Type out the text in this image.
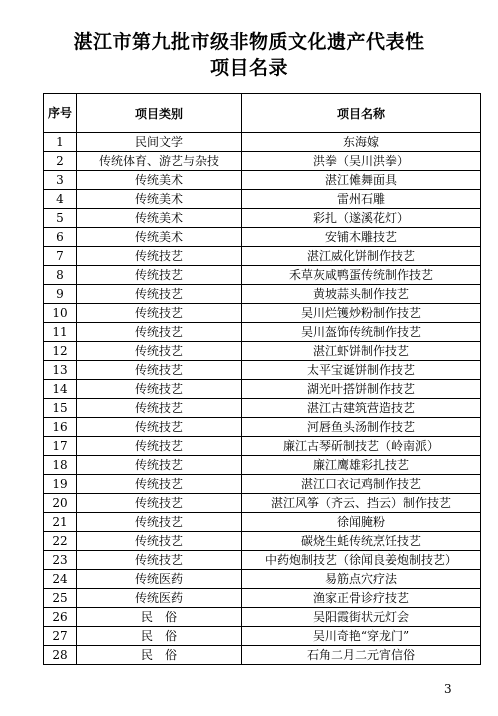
湛江市第九批市级非物质文化遗产代表性
项目名录
序号	项目类别	项目名称
1	民间文学	东海嫁
2	传统体育、游艺与杂技	洪拳（吴川洪拳）
3	传统美术	湛江傩舞面具
4	传统美术	雷州石雕
5	传统美术	彩扎（遂溪花灯）
6	传统美术	安铺木雕技艺
7	传统技艺	湛江威化饼制作技艺
8	传统技艺	禾草灰咸鸭蛋传统制作技艺
9	传统技艺	黄坡蒜头制作技艺
10	传统技艺	吴川烂镬炒粉制作技艺
11	传统技艺	吴川盔饰传统制作技艺
12	传统技艺	湛江虾饼制作技艺
13	传统技艺	太平宝诞饼制作技艺
14	传统技艺	湖光叶搭饼制作技艺
15	传统技艺	湛江古建筑营造技艺
16	传统技艺	河唇鱼头汤制作技艺
17	传统技艺	廉江古琴斫制技艺（岭南派）
18	传统技艺	廉江鹰雄彩扎技艺
19	传统技艺	湛江口衣记鸡制作技艺
20	传统技艺	湛江风筝（齐云、挡云）制作技艺
21	传统技艺	徐闻腌粉
22	传统技艺	碳烧生蚝传统烹饪技艺
23	传统技艺	中药炮制技艺（徐闻良姜炮制技艺）
24	传统医药	易筋点穴疗法
25	传统医药	渔家正骨诊疗技艺
26	民　俗	吴阳霞街状元灯会
27	民　俗	吴川奇艳“穿龙门”
28	民　俗	石角二月二元宵信俗
3
